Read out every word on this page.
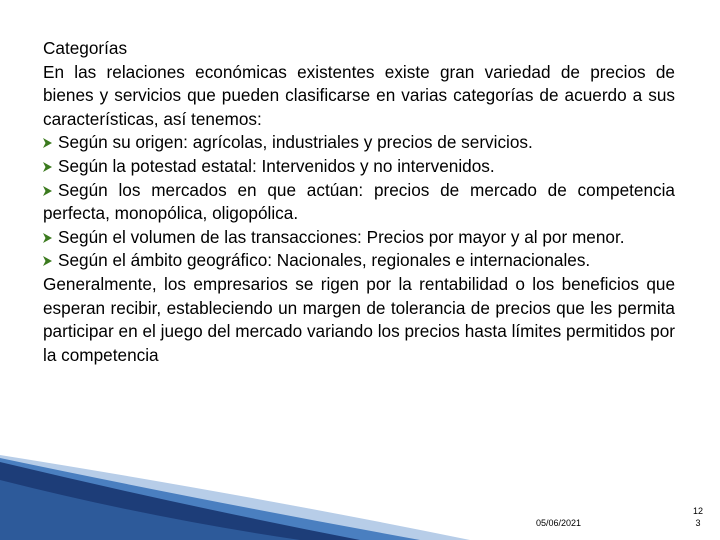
Categorías

En las relaciones económicas existentes existe gran variedad de precios de bienes y servicios que pueden clasificarse en varias categorías de acuerdo a sus características, así tenemos:

Según su origen: agrícolas, industriales y precios de servicios.

Según la potestad estatal: Intervenidos y no intervenidos.

Según los mercados en que actúan: precios de mercado de competencia perfecta, monopólica, oligopólica.

Según el volumen de las transacciones: Precios por mayor y al por menor.

Según el ámbito geográfico: Nacionales, regionales e internacionales.

Generalmente, los empresarios se rigen por la rentabilidad o los beneficios que esperan recibir, estableciendo un margen de tolerancia de precios que les permita participar en el juego del mercado variando los precios hasta límites permitidos por la competencia

05/06/2021
12
3
